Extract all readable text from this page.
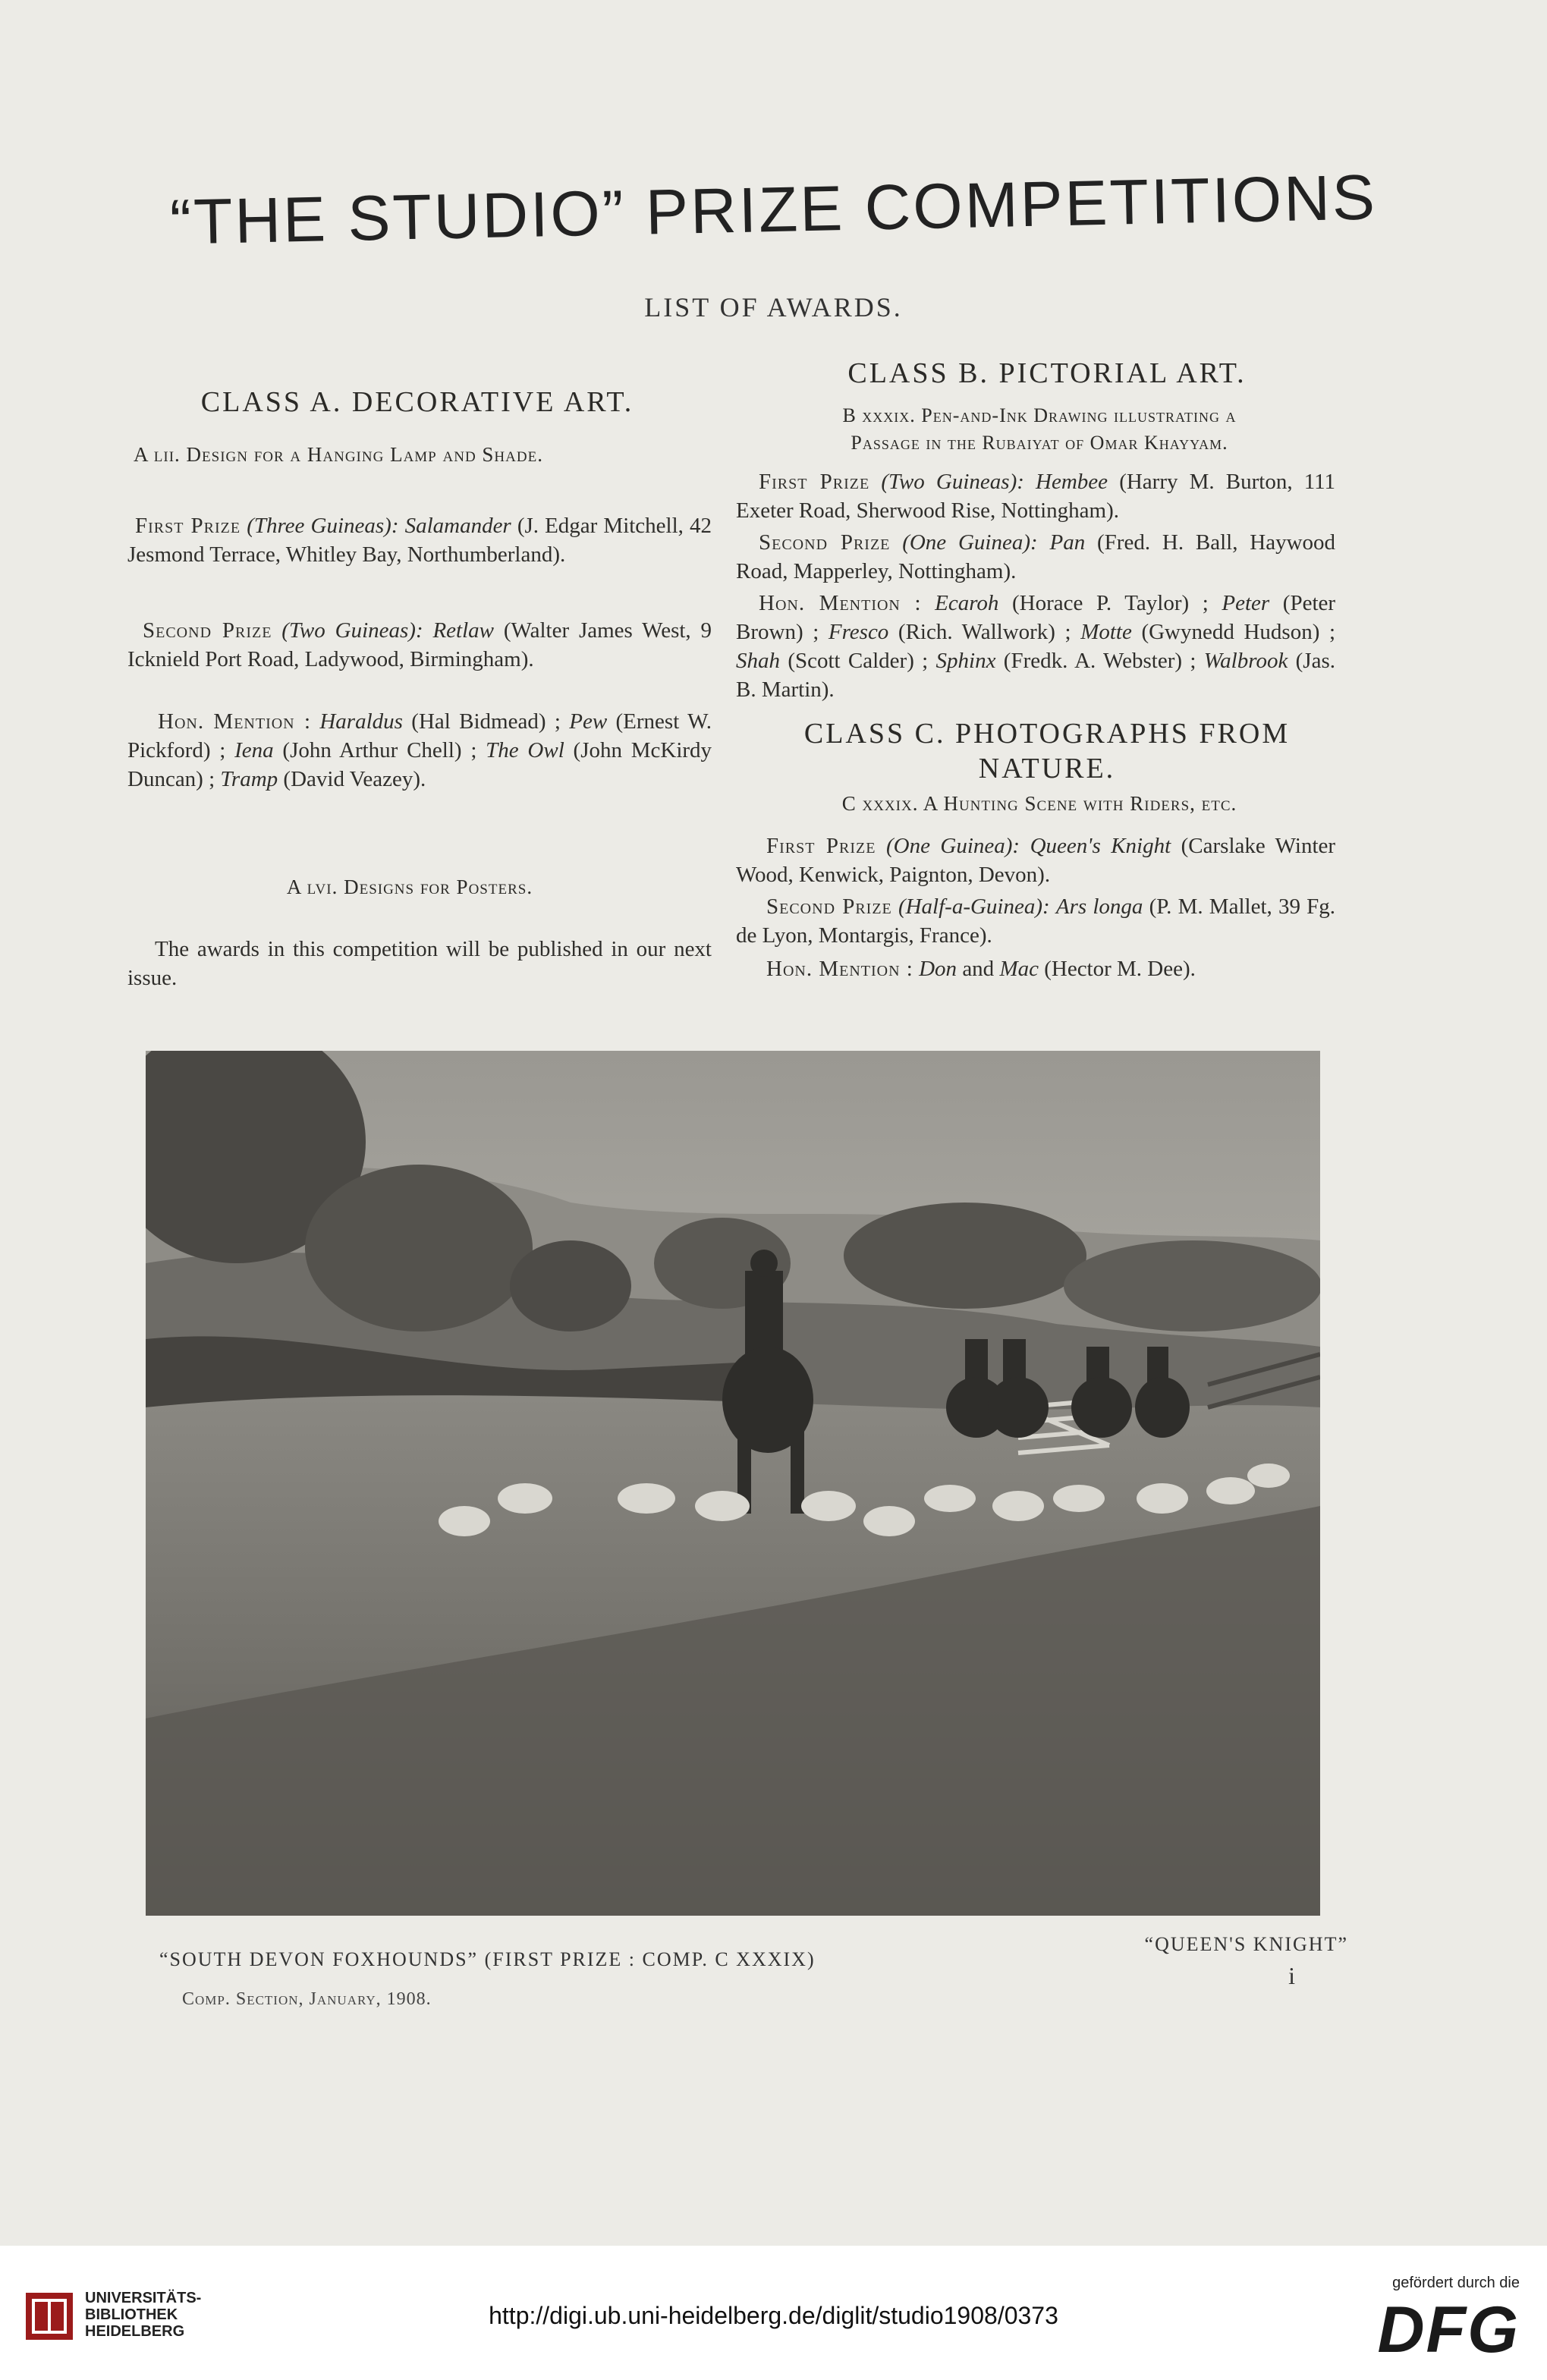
“THE STUDIO” PRIZE COMPETITIONS
LIST OF AWARDS.
CLASS A. DECORATIVE ART.
A lii. Design for a Hanging Lamp and Shade.
First Prize (Three Guineas): Salamander (J. Edgar Mitchell, 42 Jesmond Terrace, Whitley Bay, Northumberland).
Second Prize (Two Guineas): Retlaw (Walter James West, 9 Icknield Port Road, Ladywood, Birmingham).
Hon. Mention : Haraldus (Hal Bidmead) ; Pew (Ernest W. Pickford) ; Iena (John Arthur Chell) ; The Owl (John McKirdy Duncan) ; Tramp (David Veazey).
A lvi. Designs for Posters.
The awards in this competition will be published in our next issue.
CLASS B. PICTORIAL ART.
B xxxix. Pen-and-Ink Drawing illustrating a
Passage in the Rubaiyat of Omar Khayyam.
First Prize (Two Guineas): Hembee (Harry M. Burton, 111 Exeter Road, Sherwood Rise, Nottingham).
Second Prize (One Guinea): Pan (Fred. H. Ball, Haywood Road, Mapperley, Nottingham).
Hon. Mention : Ecaroh (Horace P. Taylor) ; Peter (Peter Brown) ; Fresco (Rich. Wallwork) ; Motte (Gwynedd Hudson) ; Shah (Scott Calder) ; Sphinx (Fredk. A. Webster) ; Walbrook (Jas. B. Martin).
CLASS C. PHOTOGRAPHS FROM
NATURE.
C xxxix. A Hunting Scene with Riders, etc.
First Prize (One Guinea): Queen's Knight (Carslake Winter Wood, Kenwick, Paignton, Devon).
Second Prize (Half-a-Guinea): Ars longa (P. M. Mallet, 39 Fg. de Lyon, Montargis, France).
Hon. Mention : Don and Mac (Hector M. Dee).
“SOUTH DEVON FOXHOUNDS” (FIRST PRIZE : COMP. C XXXIX)
“QUEEN'S KNIGHT”
Comp. Section, January, 1908.
i
UNIVERSITÄTS-
BIBLIOTHEK
HEIDELBERG
http://digi.ub.uni-heidelberg.de/diglit/studio1908/0373
gefördert durch die
DFG
